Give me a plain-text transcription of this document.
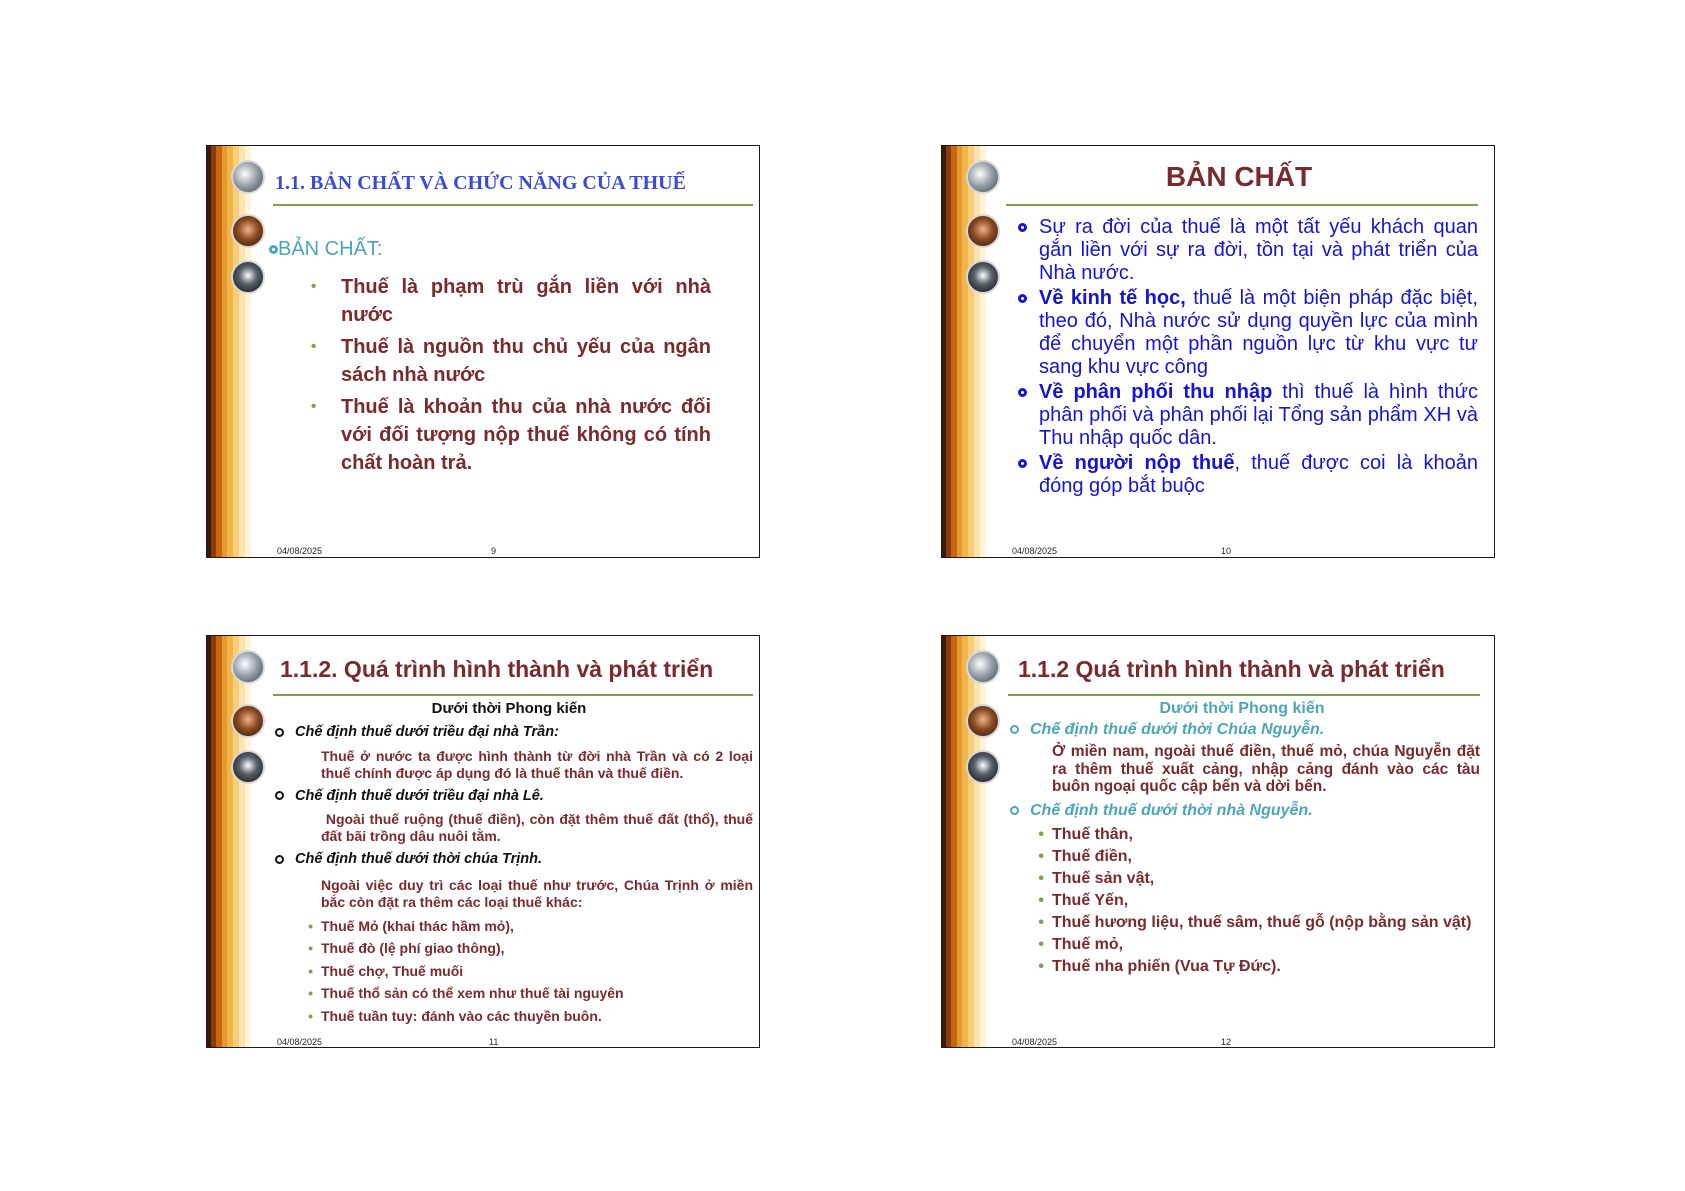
1.1. BẢN CHẤT VÀ CHỨC NĂNG CỦA THUẾ
BẢN CHẤT:
•	Thuế là phạm trù gắn liền với nhà nước

•	Thuế là nguồn thu chủ yếu của ngân sách nhà nước

•	Thuế là khoản thu của nhà nước đối với đối tượng nộp thuế không có tính chất hoàn trả.

04/08/2025	9
BẢN CHẤT

Sự ra đời của thuế là một tất yếu khách quan gắn liền với sự ra đời, tồn tại và phát triển của Nhà nước.

Về kinh tế học, thuế là một biện pháp đặc biệt, theo đó, Nhà nước sử dụng quyền lực của mình để chuyển một phần nguồn lực từ khu vực tư sang khu vực công

Về phân phối thu nhập thì thuế là hình thức phân phối và phân phối lại Tổng sản phẩm XH và Thu nhập quốc dân.

Về người nộp thuế, thuế được coi là khoản đóng góp bắt buộc

04/08/2025	10
1.1.2. Quá trình hình thành và phát triển
Dưới thời Phong kiến
Chế định thuế dưới triều đại nhà Trần:

Thuế ở nước ta được hình thành từ đời nhà Trần và có 2 loại thuế chính được áp dụng đó là thuế thân và thuế điền.

Chế định thuế dưới triều đại nhà Lê.

Ngoài thuế ruộng (thuế điền), còn đặt thêm thuế đất (thổ), thuế đất bãi trồng dâu nuôi tằm.

Chế định thuế dưới thời chúa Trịnh.

Ngoài việc duy trì các loại thuế như trước, Chúa Trịnh ở miền bắc còn đặt ra thêm các loại thuế khác:

• Thuế Mỏ (khai thác hầm mỏ),
• Thuế đò (lệ phí giao thông),
• Thuế chợ, Thuế muối
• Thuế thổ sản có thể xem như thuế tài nguyên
• Thuế tuần tuy: đánh vào các thuyền buôn.
04/08/2025	11
1.1.2 Quá trình hình thành và phát triển
Dưới thời Phong kiến
Chế định thuế dưới thời Chúa Nguyễn.

Ở miền nam, ngoài thuế điền, thuế mỏ, chúa Nguyễn đặt ra thêm thuế xuất cảng, nhập cảng đánh vào các tàu buôn ngoại quốc cập bến và dời bến.

Chế định thuế dưới thời nhà Nguyễn.
• Thuế thân,
• Thuế điền,
• Thuế sản vật,
• Thuế Yến,
• Thuế hương liệu, thuế sâm, thuế gỗ (nộp bằng sản vật)
• Thuế mỏ,
• Thuế nha phiến (Vua Tự Đức).
04/08/2025	12
